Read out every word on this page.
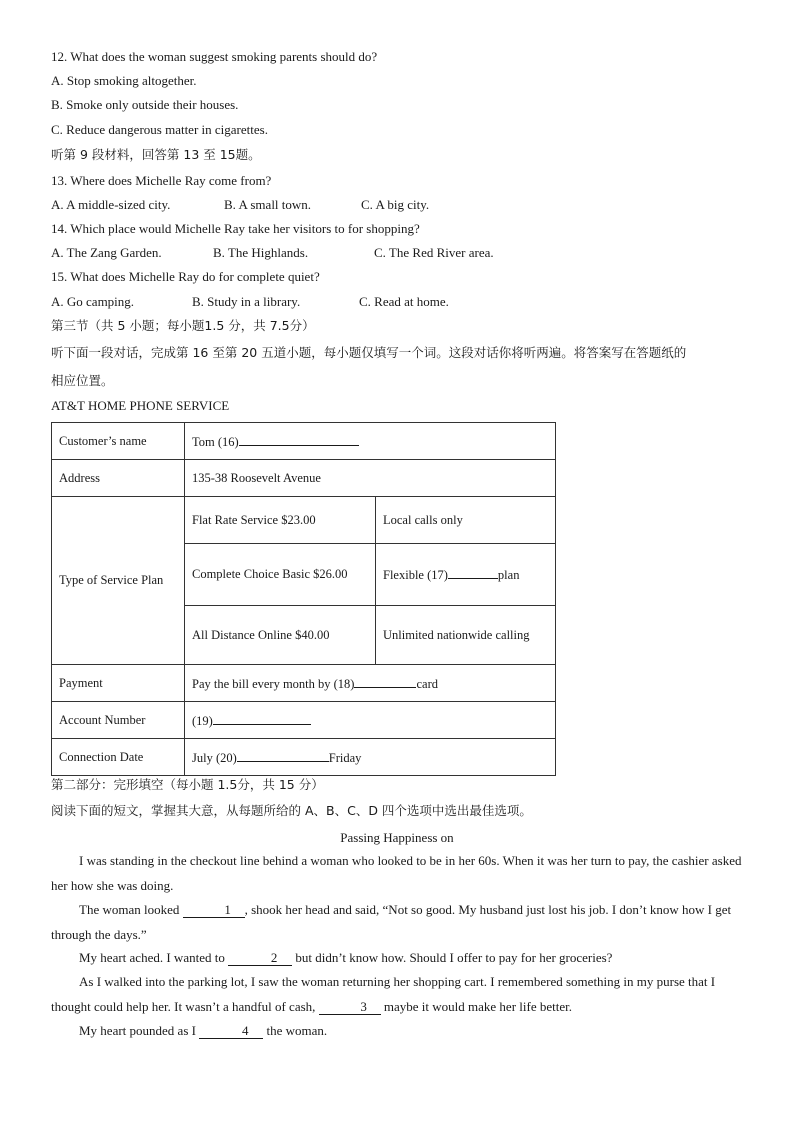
12. What does the woman suggest smoking parents should do?
A. Stop smoking altogether.
B. Smoke only outside their houses.
C. Reduce dangerous matter in cigarettes.
听第 9 段材料，回答第 13 至 15题。
13. Where does Michelle Ray come from?
A. A middle-sized city.	B. A small town.	C. A big city.
14. Which place would Michelle Ray take her visitors to for shopping?
A. The Zang Garden.	B. The Highlands.	C. The Red River area.
15. What does Michelle Ray do for complete quiet?
A. Go camping.	B. Study in a library.	C. Read at home.
第三节（共 5 小题；每小题1.5 分，共 7.5分）
听下面一段对话，完成第 16 至第 20 五道小题，每小题仅填写一个词。这段对话你将听两遍。将答案写在答题纸的
相应位置。
AT&T HOME PHONE SERVICE
Customer’s name	Tom (16)	
Address	135-38 Roosevelt Avenue	
Type of Service Plan	Flat Rate Service $23.00	Local calls only
	Complete Choice Basic $26.00	Flexible (17) plan
	All Distance Online $40.00	Unlimited nationwide calling
Payment	Pay the bill every month by (18) card	
Account Number	(19)	
Connection Date	July (20) Friday	
第二部分：完形填空（每小题 1.5分，共 15 分）
阅读下面的短文，掌握其大意，从每题所给的 A、B、C、D 四个选项中选出最佳选项。
Passing Happiness on
I was standing in the checkout line behind a woman who looked to be in her 60s. When it was her turn to pay, the cashier asked her how she was doing.
The woman looked	1 , shook her head and said, “Not so good. My husband just lost his job. I don’t know how I get through the days.”
My heart ached. I wanted to	2 but didn’t know how. Should I offer to pay for her groceries?
As I walked into the parking lot, I saw the woman returning her shopping cart. I remembered something in my purse that I thought could help her. It wasn’t a handful of cash,	3 maybe it would make her life better.
My heart pounded as I	4 the woman.
